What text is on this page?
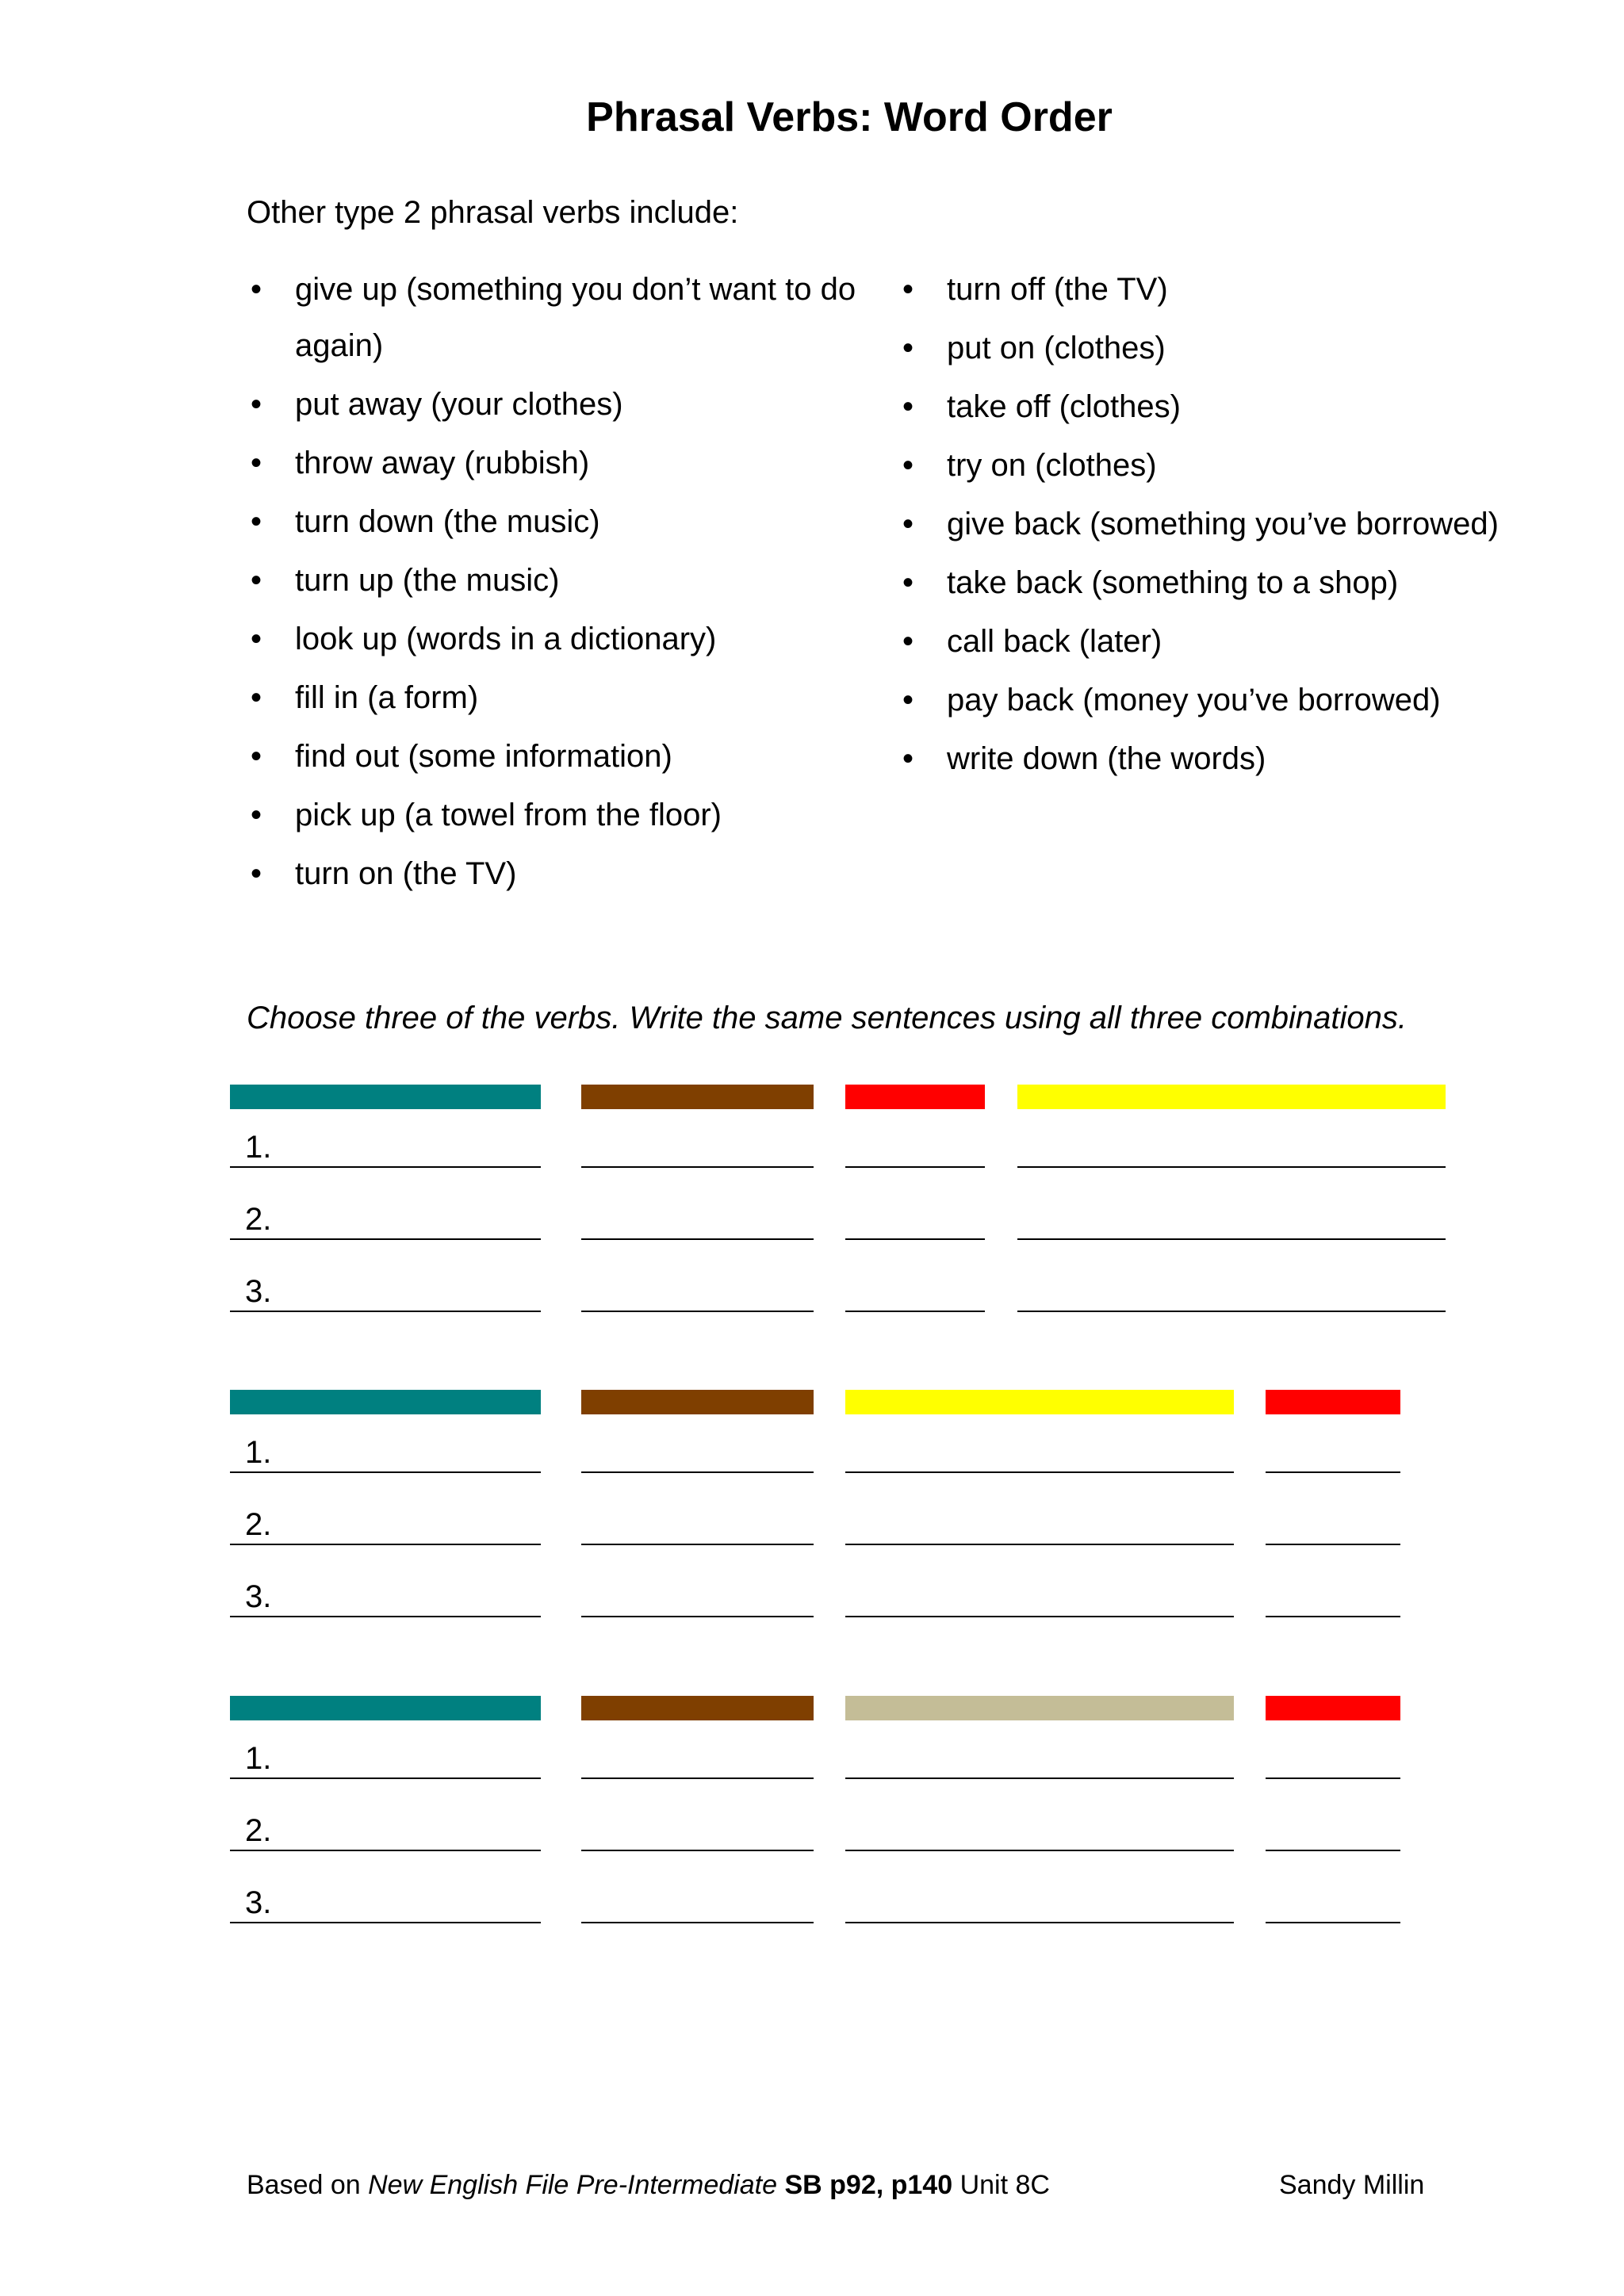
Phrasal Verbs: Word Order
Other type 2 phrasal verbs include:
• give up (something you don’t want to do again)
• put away (your clothes)
• throw away (rubbish)
• turn down (the music)
• turn up (the music)
• look up (words in a dictionary)
• fill in (a form)
• find out (some information)
• pick up (a towel from the floor)
• turn on (the TV)
• turn off (the TV)
• put on (clothes)
• take off (clothes)
• try on (clothes)
• give back (something you’ve borrowed)
• take back (something to a shop)
• call back (later)
• pay back (money you’ve borrowed)
• write down (the words)
Choose three of the verbs. Write the same sentences using all three combinations.
1.
2.
3.
1.
2.
3.
1.
2.
3.
Based on New English File Pre-Intermediate SB p92, p140 Unit 8C	Sandy Millin
